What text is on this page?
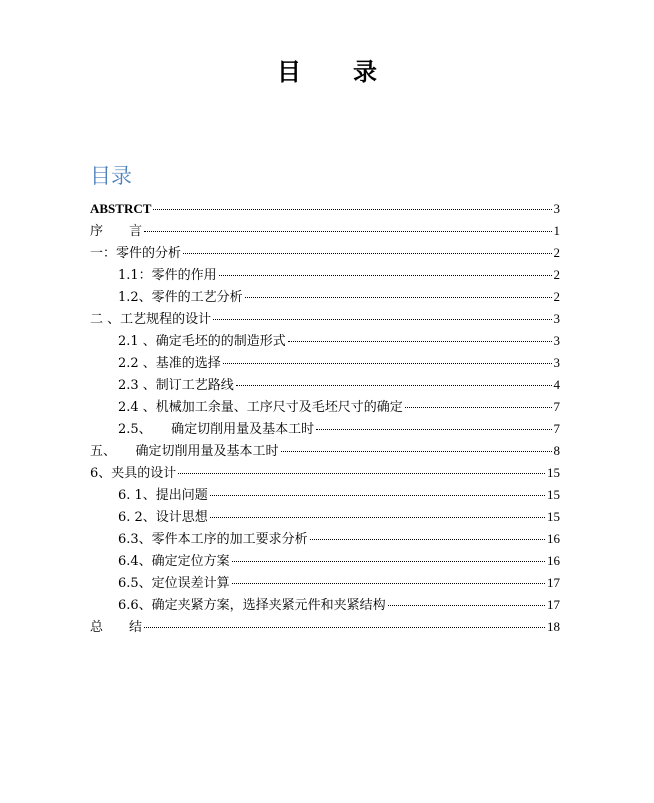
目 录
目录
ABSTRCT	3
序　　言	1
一：零件的分析	2
1.1：零件的作用	2
1.2、零件的工艺分析	2
二 、工艺规程的设计	3
2.1 、确定毛坯的的制造形式	3
2.2 、基准的选择	3
2.3 、制订工艺路线	4
2.4 、机械加工余量、工序尺寸及毛坯尺寸的确定	7
2.5、　　确定切削用量及基本工时	7
五、　　确定切削用量及基本工时	8
6、夹具的设计	15
6. 1、提出问题	15
6. 2、设计思想	15
6.3、零件本工序的加工要求分析	16
6.4、确定定位方案	16
6.5、定位误差计算	17
6.6、确定夹紧方案，选择夹紧元件和夹紧结构	17
总　　结	18
